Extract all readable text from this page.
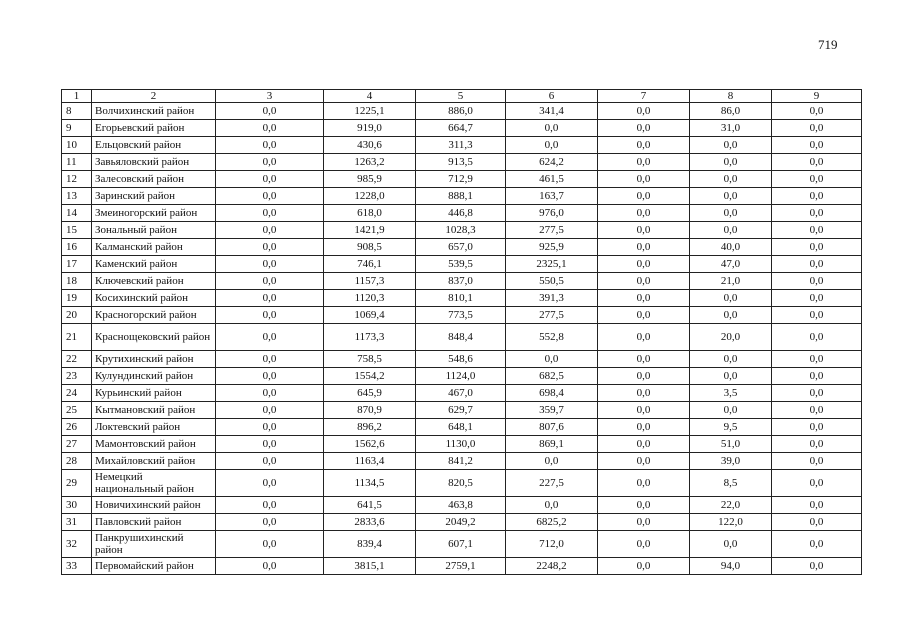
719
1	2	3	4	5	6	7	8	9
8	Волчихинский район	0,0	1225,1	886,0	341,4	0,0	86,0	0,0
9	Егорьевский район	0,0	919,0	664,7	0,0	0,0	31,0	0,0
10	Ельцовский район	0,0	430,6	311,3	0,0	0,0	0,0	0,0
11	Завьяловский район	0,0	1263,2	913,5	624,2	0,0	0,0	0,0
12	Залесовский район	0,0	985,9	712,9	461,5	0,0	0,0	0,0
13	Заринский район	0,0	1228,0	888,1	163,7	0,0	0,0	0,0
14	Змеиногорский район	0,0	618,0	446,8	976,0	0,0	0,0	0,0
15	Зональный район	0,0	1421,9	1028,3	277,5	0,0	0,0	0,0
16	Калманский район	0,0	908,5	657,0	925,9	0,0	40,0	0,0
17	Каменский район	0,0	746,1	539,5	2325,1	0,0	47,0	0,0
18	Ключевский район	0,0	1157,3	837,0	550,5	0,0	21,0	0,0
19	Косихинский район	0,0	1120,3	810,1	391,3	0,0	0,0	0,0
20	Красногорский район	0,0	1069,4	773,5	277,5	0,0	0,0	0,0
21	Краснощековский район	0,0	1173,3	848,4	552,8	0,0	20,0	0,0
22	Крутихинский район	0,0	758,5	548,6	0,0	0,0	0,0	0,0
23	Кулундинский район	0,0	1554,2	1124,0	682,5	0,0	0,0	0,0
24	Курьинский район	0,0	645,9	467,0	698,4	0,0	3,5	0,0
25	Кытмановский район	0,0	870,9	629,7	359,7	0,0	0,0	0,0
26	Локтевский район	0,0	896,2	648,1	807,6	0,0	9,5	0,0
27	Мамонтовский район	0,0	1562,6	1130,0	869,1	0,0	51,0	0,0
28	Михайловский район	0,0	1163,4	841,2	0,0	0,0	39,0	0,0
29	Немецкий национальный район	0,0	1134,5	820,5	227,5	0,0	8,5	0,0
30	Новичихинский район	0,0	641,5	463,8	0,0	0,0	22,0	0,0
31	Павловский район	0,0	2833,6	2049,2	6825,2	0,0	122,0	0,0
32	Панкрушихинский район	0,0	839,4	607,1	712,0	0,0	0,0	0,0
33	Первомайский район	0,0	3815,1	2759,1	2248,2	0,0	94,0	0,0
